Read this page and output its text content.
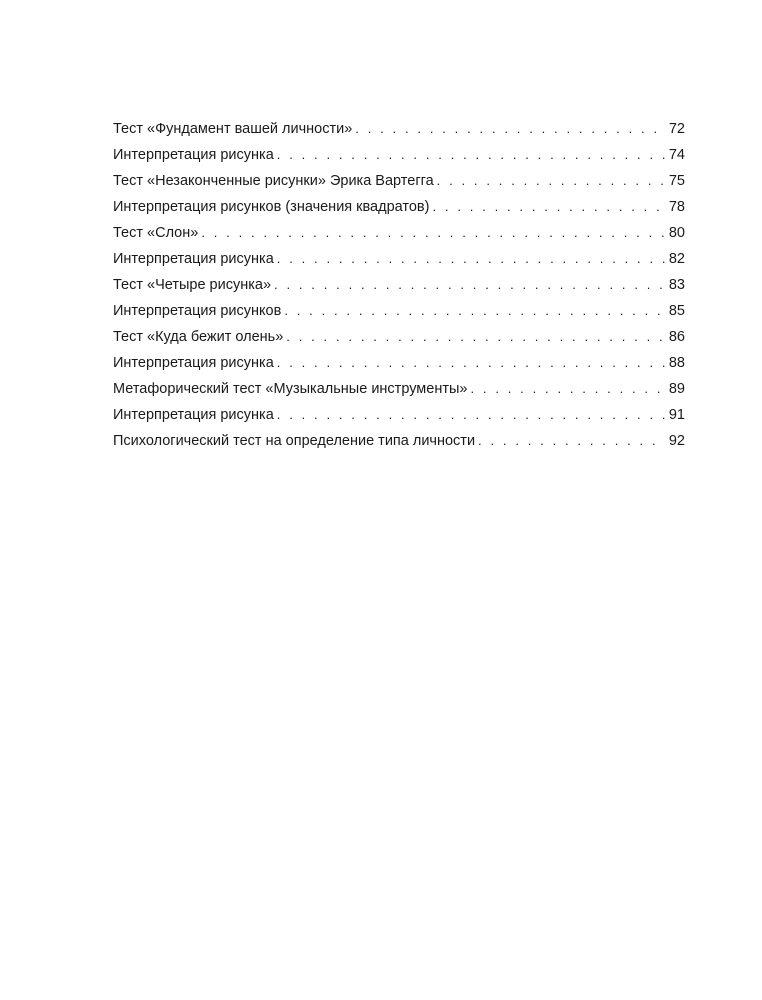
Тест «Фундамент вашей личности» . . .	72
Интерпретация рисунка . . .	74
Тест «Незаконченные рисунки» Эрика Вартегга . . .	75
Интерпретация рисунков (значения квадратов) . . .	78
Тест «Слон» . . .	80
Интерпретация рисунка . . .	82
Тест «Четыре рисунка» . . .	83
Интерпретация рисунков . . .	85
Тест «Куда бежит олень» . . .	86
Интерпретация рисунка . . .	88
Метафорический тест «Музыкальные инструменты» . . .	89
Интерпретация рисунка . . .	91
Психологический тест на определение типа личности . . .	92
